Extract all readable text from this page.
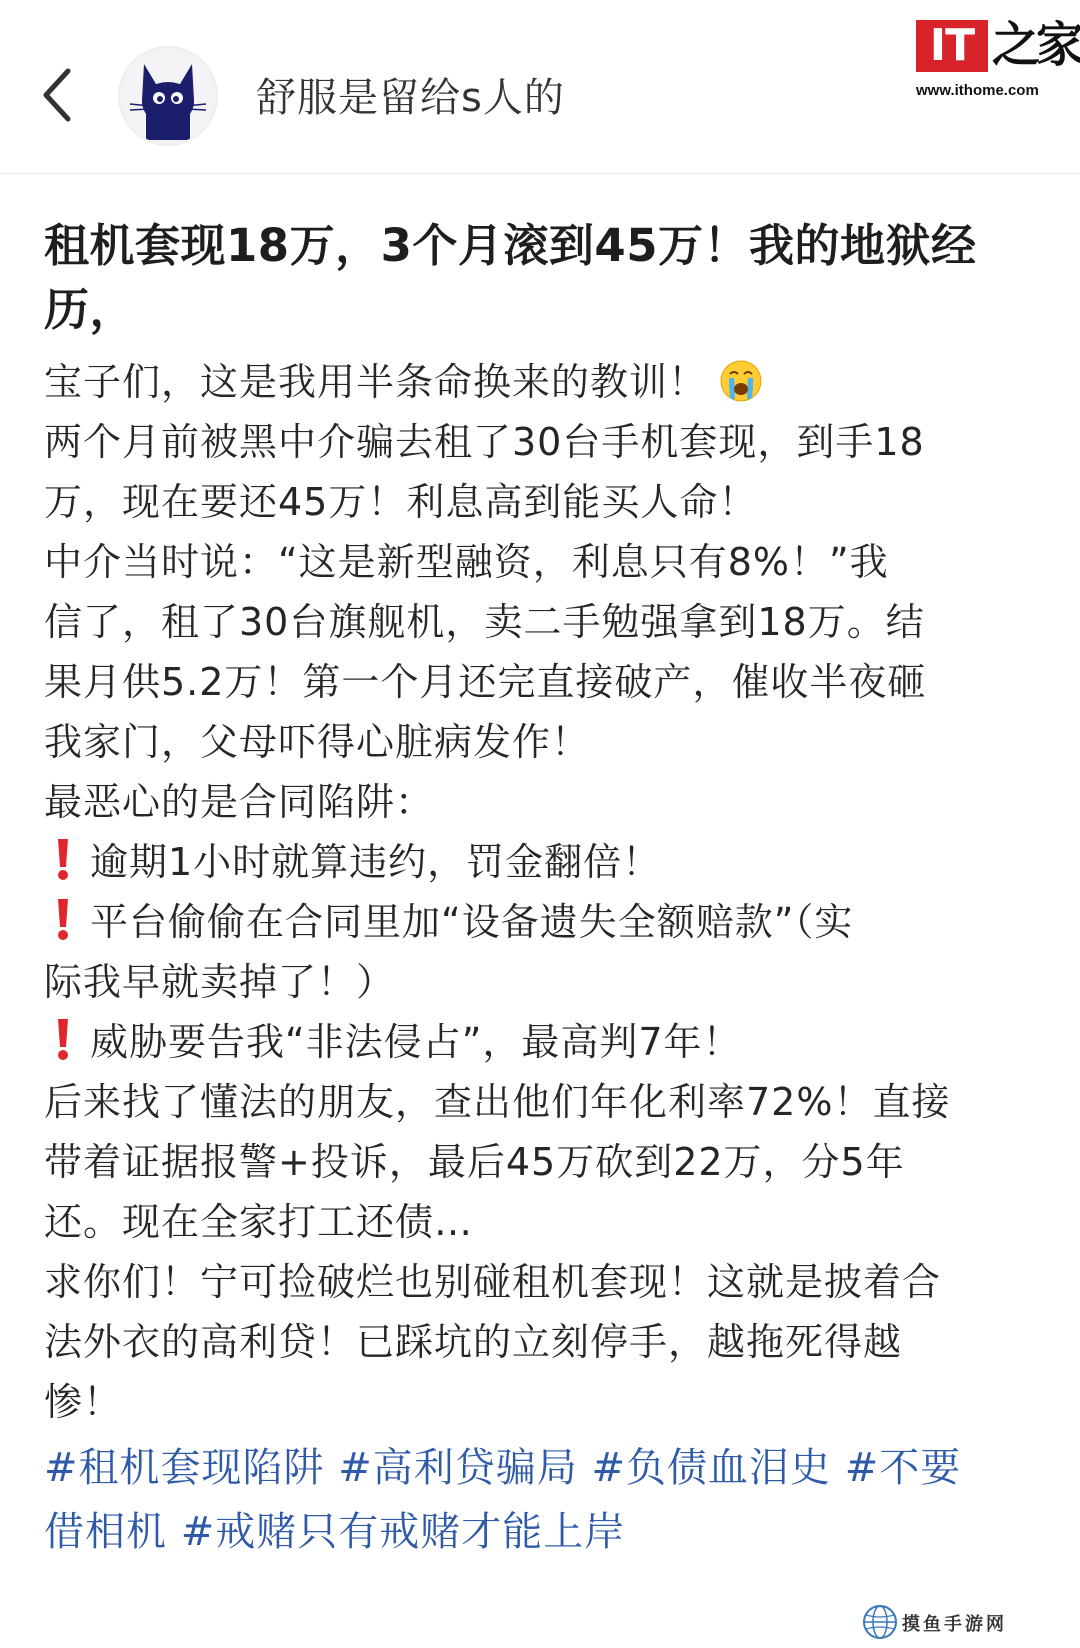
舒服是留给s人的
IT 之家
www.ithome.com
租机套现18万，3个月滚到45万！我的地狱经
历，
宝子们，这是我用半条命换来的教训！
两个月前被黑中介骗去租了30台手机套现，到手18
万，现在要还45万！利息高到能买人命！
中介当时说：“这是新型融资，利息只有8%！”我
信了，租了30台旗舰机，卖二手勉强拿到18万。结
果月供5.2万！第一个月还完直接破产，催收半夜砸
我家门，父母吓得心脏病发作！
最恶心的是合同陷阱：
逾期1小时就算违约，罚金翻倍！
平台偷偷在合同里加“设备遗失全额赔款”（实
际我早就卖掉了！）
威胁要告我“非法侵占”，最高判7年！
后来找了懂法的朋友，查出他们年化利率72%！直接
带着证据报警+投诉，最后45万砍到22万，分5年
还。现在全家打工还债…
求你们！宁可捡破烂也别碰租机套现！这就是披着合
法外衣的高利贷！已踩坑的立刻停手，越拖死得越
惨！
#租机套现陷阱 #高利贷骗局 #负债血泪史 #不要
借相机 #戒赌只有戒赌才能上岸
摸鱼手游网
